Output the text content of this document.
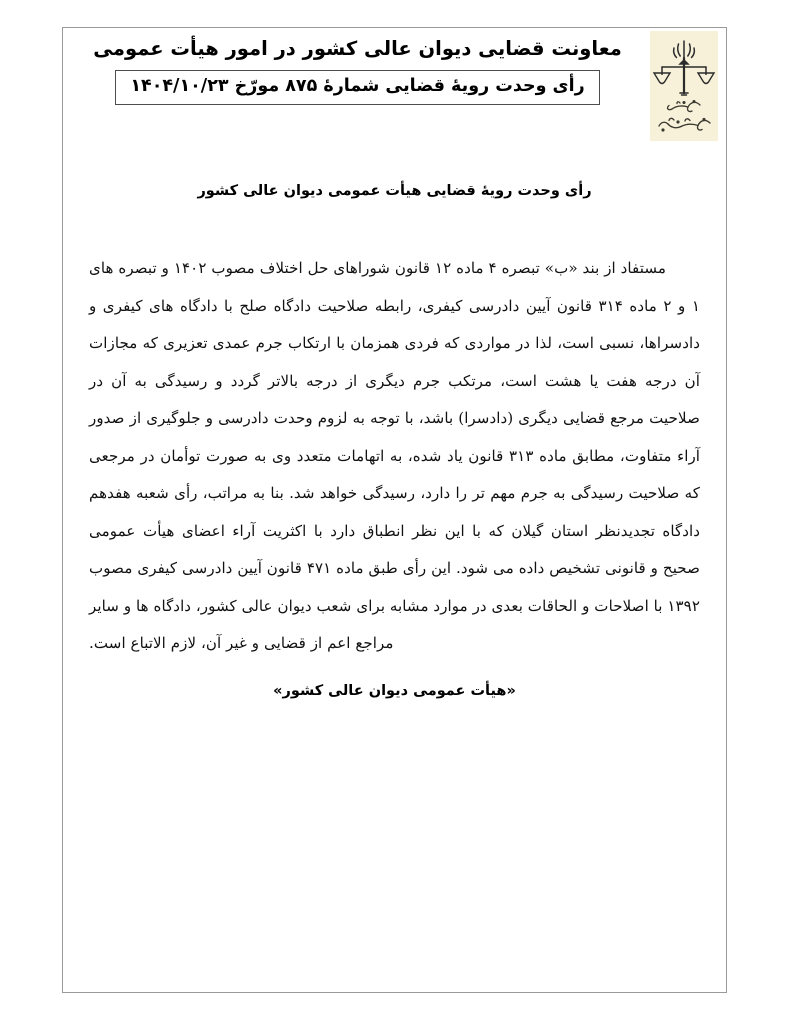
معاونت قضایی دیوان عالی کشور در امور هیأت عمومی
رأی وحدت رویهٔ قضایی شمارهٔ ۸۷۵ مورّخ ۱۴۰۴/۱۰/۲۳
رأی وحدت رویهٔ قضایی هیأت عمومی دیوان عالی کشور
مستفاد از بند «ب» تبصره ۴ ماده ۱۲ قانون شوراهای حل اختلاف مصوب ۱۴۰۲ و تبصره های ۱ و ۲ ماده ۳۱۴ قانون آیین دادرسی کیفری، رابطه صلاحیت دادگاه صلح با دادگاه های کیفری و دادسراها، نسبی است، لذا در مواردی که فردی همزمان با ارتکاب جرم عمدی تعزیری که مجازات آن درجه هفت یا هشت است، مرتکب جرم دیگری از درجه بالاتر گردد و رسیدگی به آن در صلاحیت مرجع قضایی دیگری (دادسرا) باشد، با توجه به لزوم وحدت دادرسی و جلوگیری از صدور آراء متفاوت، مطابق ماده ۳۱۳ قانون یاد شده، به اتهامات متعدد وی به صورت توأمان در مرجعی که صلاحیت رسیدگی به جرم مهم تر را دارد، رسیدگی خواهد شد. بنا به مراتب، رأی شعبه هفدهم دادگاه تجدیدنظر استان گیلان که با این نظر انطباق دارد با اکثریت آراء اعضای هیأت عمومی صحیح و قانونی تشخیص داده می شود. این رأی طبق ماده ۴۷۱ قانون آیین دادرسی کیفری مصوب ۱۳۹۲ با اصلاحات و الحاقات بعدی در موارد مشابه برای شعب دیوان عالی کشور، دادگاه ها و سایر مراجع اعم از قضایی و غیر آن، لازم الاتباع است.
«هیأت عمومی دیوان عالی کشور»
